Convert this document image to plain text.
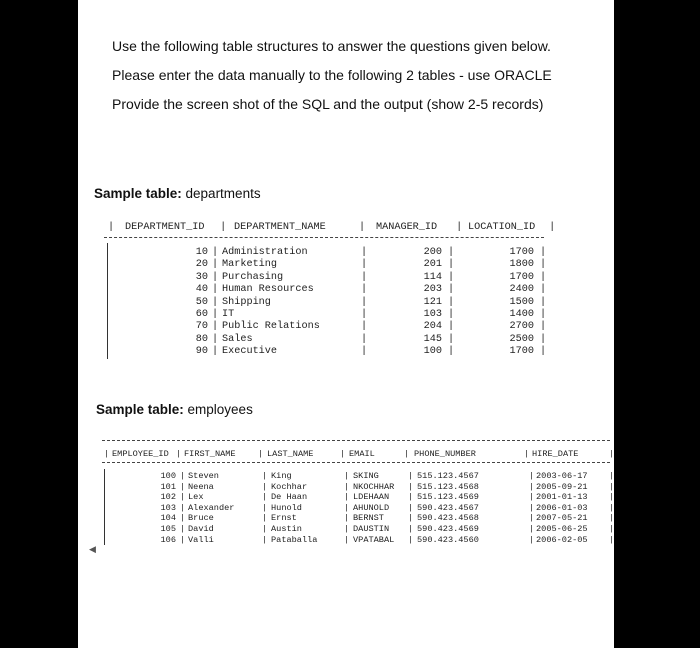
Use the following table structures to answer the questions given below.
Please enter the data manually to the following 2 tables - use ORACLE
Provide the screen shot of the SQL and the output (show 2-5 records)
Sample table: departments
| DEPARTMENT_ID | DEPARTMENT_NAME	| MANAGER_ID | LOCATION_ID |
10 | Administration	|	200 |	1700 |
20 | Marketing	|	201 |	1800 |
30 | Purchasing	|	114 |	1700 |
40 | Human Resources	|	203 |	2400 |
50 | Shipping	|	121 |	1500 |
60 | IT	|	103 |	1400 |
70 | Public Relations	|	204 |	2700 |
80 | Sales	|	145 |	2500 |
90 | Executive	|	100 |	1700 |
Sample table: employees
| EMPLOYEE_ID | FIRST_NAME	| LAST_NAME	| EMAIL	| PHONE_NUMBER	| HIRE_DATE	|
100 | Steven	| King	| SKING	| 515.123.4567	| 2003-06-17 |
101 | Neena	| Kochhar	| NKOCHHAR | 515.123.4568	| 2005-09-21 |
102 | Lex	| De Haan	| LDEHAAN | 515.123.4569	| 2001-01-13 |
103 | Alexander	| Hunold	| AHUNOLD | 590.423.4567	| 2006-01-03 |
104 | Bruce	| Ernst	| BERNST	| 590.423.4568	| 2007-05-21 |
105 | David	| Austin	| DAUSTIN | 590.423.4569	| 2005-06-25 |
106 | Valli	| Pataballa	| VPATABAL | 590.423.4560	| 2006-02-05 |
◀
